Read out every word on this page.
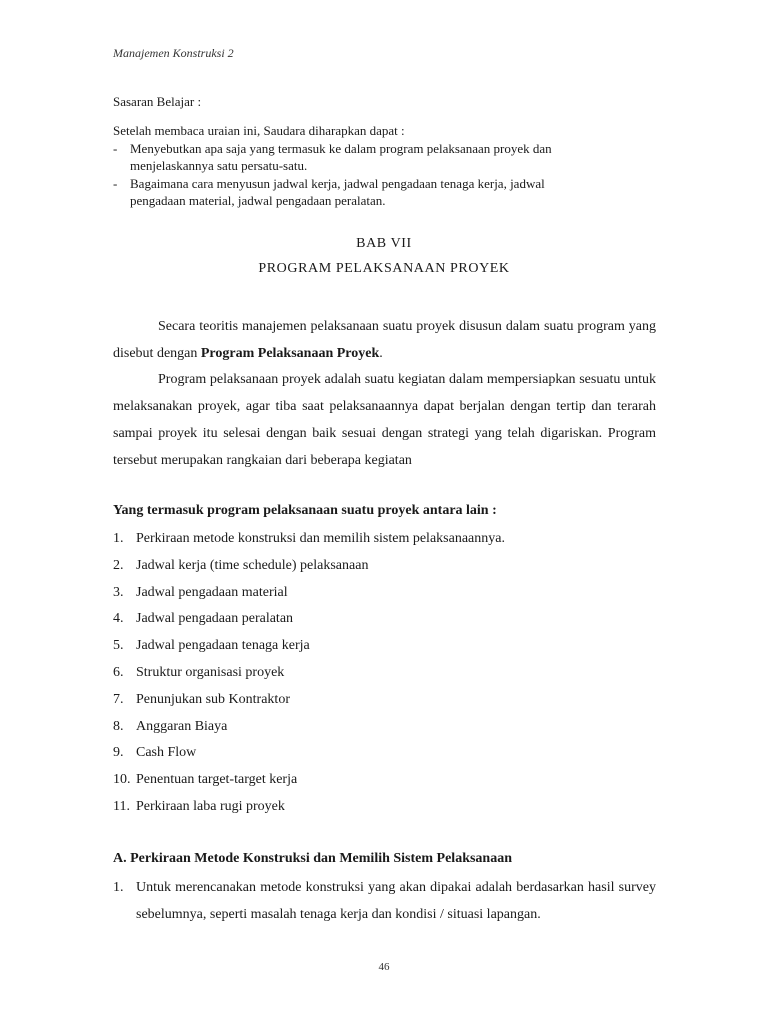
Manajemen Konstruksi 2
Sasaran Belajar :
Setelah membaca uraian ini, Saudara diharapkan dapat :
- Menyebutkan apa saja yang termasuk ke dalam program pelaksanaan proyek dan
menjelaskannya satu persatu-satu.
- Bagaimana cara menyusun jadwal kerja, jadwal pengadaan tenaga kerja, jadwal
pengadaan material, jadwal pengadaan peralatan.
BAB VII
PROGRAM PELAKSANAAN PROYEK
Secara teoritis manajemen pelaksanaan suatu proyek disusun dalam suatu program yang disebut dengan Program Pelaksanaan Proyek.
Program pelaksanaan proyek adalah suatu kegiatan dalam mempersiapkan sesuatu untuk melaksanakan proyek, agar tiba saat pelaksanaannya dapat berjalan dengan tertip dan terarah sampai proyek itu selesai dengan baik sesuai dengan strategi yang telah digariskan. Program tersebut merupakan rangkaian dari beberapa kegiatan
Yang termasuk program pelaksanaan suatu proyek antara lain :
1. Perkiraan metode konstruksi dan memilih sistem pelaksanaannya.
2. Jadwal kerja (time schedule) pelaksanaan
3. Jadwal pengadaan material
4. Jadwal pengadaan peralatan
5. Jadwal pengadaan tenaga kerja
6. Struktur organisasi proyek
7. Penunjukan sub Kontraktor
8. Anggaran Biaya
9. Cash Flow
10. Penentuan target-target kerja
11. Perkiraan laba rugi proyek
A. Perkiraan Metode Konstruksi dan Memilih Sistem Pelaksanaan
1. Untuk merencanakan metode konstruksi yang akan dipakai adalah berdasarkan hasil survey sebelumnya, seperti masalah tenaga kerja dan kondisi / situasi lapangan.
46
